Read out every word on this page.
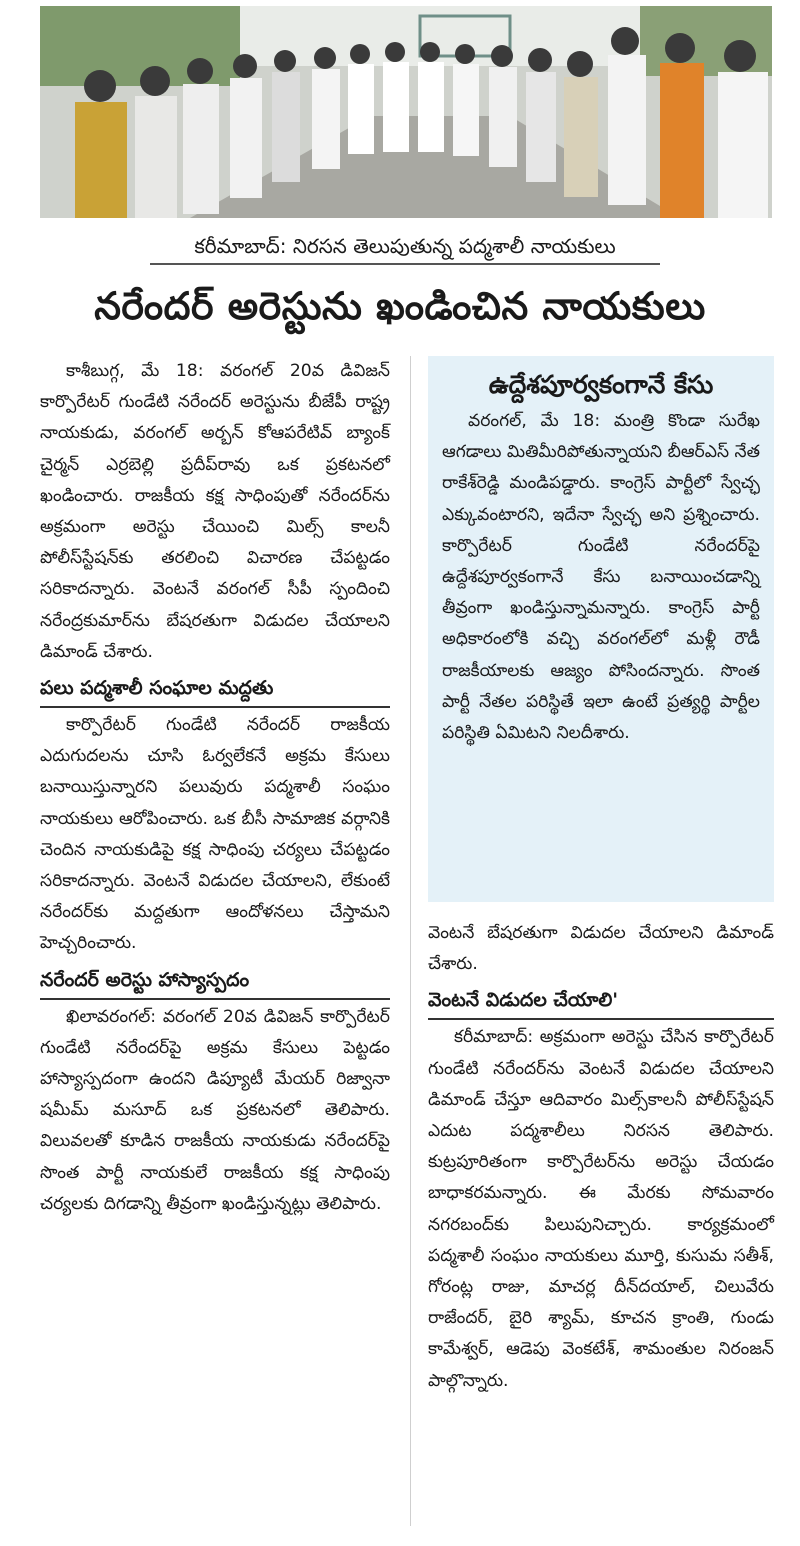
కరీమాబాద్: నిరసన తెలుపుతున్న పద్మశాలీ నాయకులు
నరేందర్ అరెస్టును ఖండించిన నాయకులు

కాశీబుగ్గ, మే 18: వరంగల్ 20వ డివిజన్ కార్పొరేటర్ గుండేటి నరేందర్ అరెస్టును బీజేపీ రాష్ట్ర నాయకుడు, వరంగల్ అర్బన్ కోఆపరేటివ్ బ్యాంక్ చైర్మన్ ఎర్రబెల్లి ప్రదీప్‌రావు ఒక ప్రకటనలో ఖండించారు. రాజకీయ కక్ష సాధింపుతో నరేందర్‌ను అక్రమంగా అరెస్టు చేయించి మిల్స్ కాలనీ పోలీస్‌స్టేషన్‌కు తరలించి విచారణ చేపట్టడం సరికాదన్నారు. వెంటనే వరంగల్ సీపీ స్పందించి నరేంద్రకుమార్‌ను బేషరతుగా విడుదల చేయాలని డిమాండ్ చేశారు.

పలు పద్మశాలీ సంఘాల మద్దతు

కార్పొరేటర్ గుండేటి నరేందర్ రాజకీయ ఎదుగుదలను చూసి ఓర్వలేకనే అక్రమ కేసులు బనాయిస్తున్నారని పలువురు పద్మశాలీ సంఘం నాయకులు ఆరోపించారు. ఒక బీసీ సామాజిక వర్గానికి చెందిన నాయకుడిపై కక్ష సాధింపు చర్యలు చేపట్టడం సరికాదన్నారు. వెంటనే విడుదల చేయాలని, లేకుంటే నరేందర్‌కు మద్దతుగా ఆందోళనలు చేస్తామని హెచ్చరించారు.

నరేందర్ అరెస్టు హాస్యాస్పదం

ఖిలావరంగల్: వరంగల్ 20వ డివిజన్ కార్పొరేటర్ గుండేటి నరేందర్‌పై అక్రమ కేసులు పెట్టడం హాస్యాస్పదంగా ఉందని డిప్యూటీ మేయర్ రిజ్వానా షమీమ్ మసూద్ ఒక ప్రకటనలో తెలిపారు. విలువలతో కూడిన రాజకీయ నాయకుడు నరేందర్‌పై సొంత పార్టీ నాయకులే రాజకీయ కక్ష సాధింపు చర్యలకు దిగడాన్ని తీవ్రంగా ఖండిస్తున్నట్లు తెలిపారు.

ఉద్దేశపూర్వకంగానే కేసు

వరంగల్, మే 18: మంత్రి కొండా సురేఖ ఆగడాలు మితిమీరిపోతున్నాయని బీఆర్‌ఎస్ నేత రాకేశ్‌రెడ్డి మండిపడ్డారు. కాంగ్రెస్ పార్టీలో స్వేచ్ఛ ఎక్కువంటారని, ఇదేనా స్వేచ్ఛ అని ప్రశ్నించారు. కార్పొరేటర్ గుండేటి నరేందర్‌పై ఉద్దేశపూర్వకంగానే కేసు బనాయించడాన్ని తీవ్రంగా ఖండిస్తున్నామన్నారు. కాంగ్రెస్ పార్టీ అధికారంలోకి వచ్చి వరంగల్‌లో మళ్లీ రౌడీ రాజకీయాలకు ఆజ్యం పోసిందన్నారు. సొంత పార్టీ నేతల పరిస్థితే ఇలా ఉంటే ప్రత్యర్థి పార్టీల పరిస్థితి ఏమిటని నిలదీశారు.

వెంటనే బేషరతుగా విడుదల చేయాలని డిమాండ్ చేశారు.

వెంటనే విడుదల చేయాలి'

కరీమాబాద్: అక్రమంగా అరెస్టు చేసిన కార్పొరేటర్ గుండేటి నరేందర్‌ను వెంటనే విడుదల చేయాలని డిమాండ్ చేస్తూ ఆదివారం మిల్స్‌కాలనీ పోలీస్‌స్టేషన్ ఎదుట పద్మశాలీలు నిరసన తెలిపారు. కుట్రపూరితంగా కార్పొరేటర్‌ను అరెస్టు చేయడం బాధాకరమన్నారు. ఈ మేరకు సోమవారం నగరబంద్‌కు పిలుపునిచ్చారు. కార్యక్రమంలో పద్మశాలీ సంఘం నాయకులు మూర్తి, కుసుమ సతీశ్, గోరంట్ల రాజు, మాచర్ల దీన్‌దయాల్, చిలువేరు రాజేందర్, బైరి శ్యామ్, కూచన క్రాంతి, గుండు కామేశ్వర్, ఆడెపు వెంకటేశ్, శామంతుల నిరంజన్ పాల్గొన్నారు.
